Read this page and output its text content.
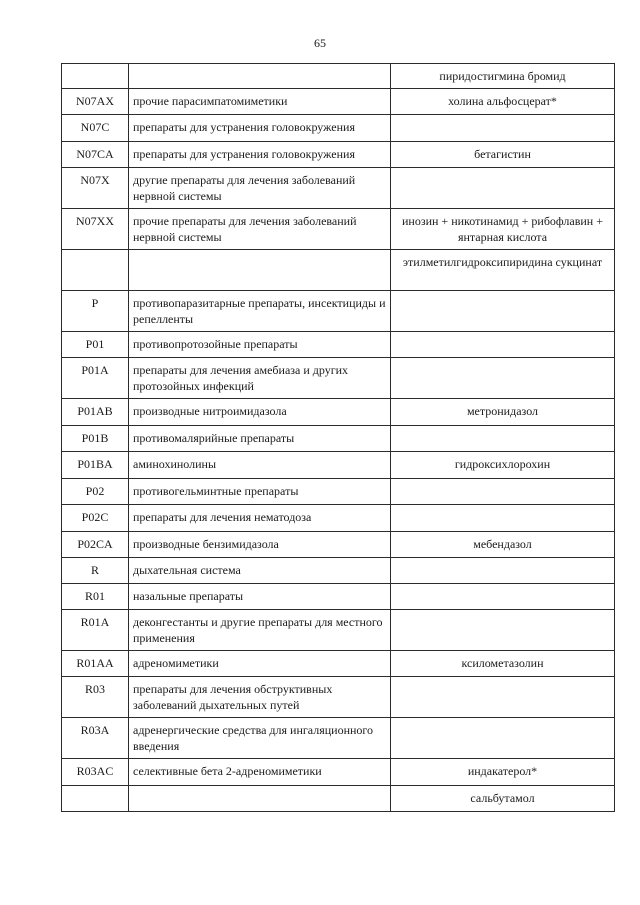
65
		пиридостигмина бромид
N07AX	прочие парасимпатомиметики	холина альфосцерат*
N07C	препараты для устранения головокружения	
N07CA	препараты для устранения головокружения	бетагистин
N07X	другие препараты для лечения заболеваний нервной системы	
N07XX	прочие препараты для лечения заболеваний нервной системы	инозин + никотинамид + рибофлавин + янтарная кислота
		этилметилгидроксипиридина сукцинат
P	противопаразитарные препараты, инсектициды и репелленты	
P01	противопротозойные препараты	
P01A	препараты для лечения амебиаза и других протозойных инфекций	
P01AB	производные нитроимидазола	метронидазол
P01B	противомалярийные препараты	
P01BA	аминохинолины	гидроксихлорохин
P02	противогельминтные препараты	
P02C	препараты для лечения нематодоза	
P02CA	производные бензимидазола	мебендазол
R	дыхательная система	
R01	назальные препараты	
R01A	деконгестанты и другие препараты для местного применения	
R01AA	адреномиметики	ксилометазолин
R03	препараты для лечения обструктивных заболеваний дыхательных путей	
R03A	адренергические средства для ингаляционного введения	
R03AC	селективные бета 2-адреномиметики	индакатерол*
		сальбутамол
